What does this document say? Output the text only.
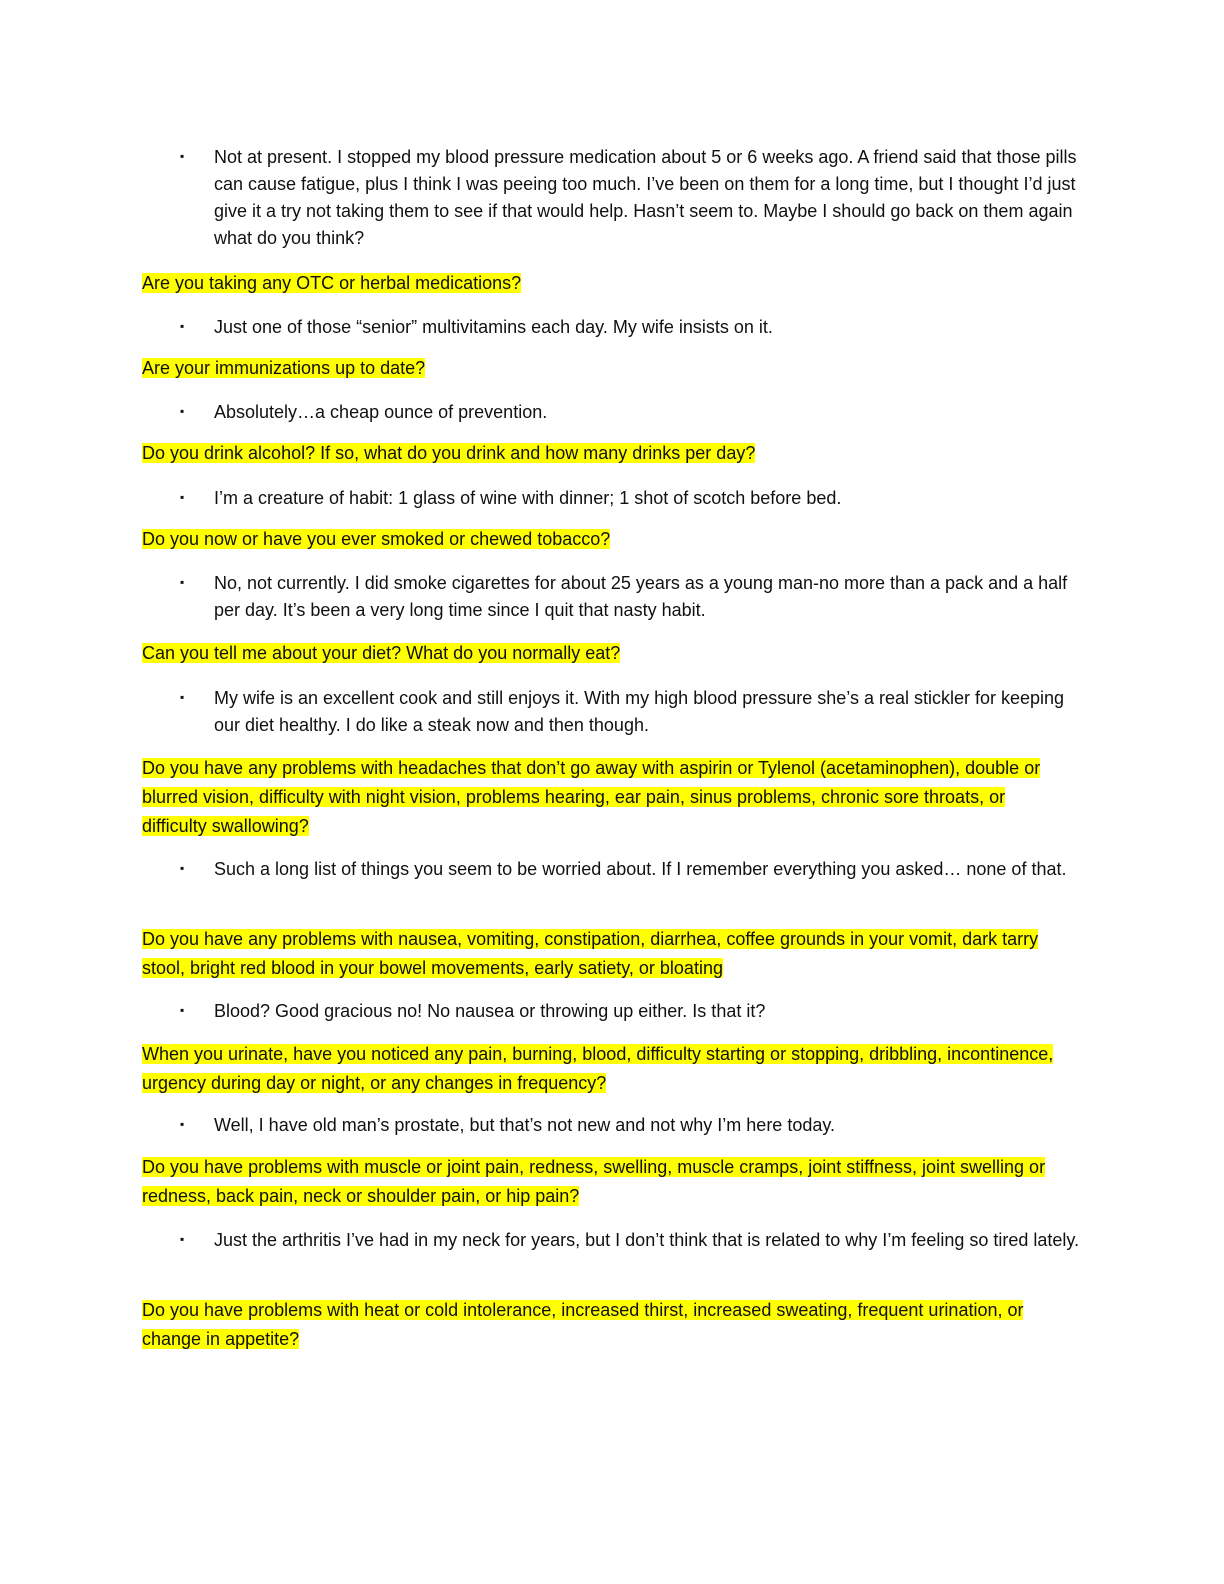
▪ Not at present. I stopped my blood pressure medication about 5 or 6 weeks ago. A friend said that those pills can cause fatigue, plus I think I was peeing too much. I’ve been on them for a long time, but I thought I’d just give it a try not taking them to see if that would help. Hasn’t seem to. Maybe I should go back on them again what do you think?

Are you taking any OTC or herbal medications?

▪ Just one of those “senior” multivitamins each day. My wife insists on it.

Are your immunizations up to date?

▪ Absolutely…a cheap ounce of prevention.

Do you drink alcohol? If so, what do you drink and how many drinks per day?

▪ I’m a creature of habit: 1 glass of wine with dinner; 1 shot of scotch before bed.

Do you now or have you ever smoked or chewed tobacco?

▪ No, not currently. I did smoke cigarettes for about 25 years as a young man-no more than a pack and a half per day. It’s been a very long time since I quit that nasty habit.

Can you tell me about your diet? What do you normally eat?

▪ My wife is an excellent cook and still enjoys it. With my high blood pressure she’s a real stickler for keeping our diet healthy. I do like a steak now and then though.

Do you have any problems with headaches that don’t go away with aspirin or Tylenol (acetaminophen), double or blurred vision, difficulty with night vision, problems hearing, ear pain, sinus problems, chronic sore throats, or difficulty swallowing?

▪ Such a long list of things you seem to be worried about. If I remember everything you asked… none of that.

Do you have any problems with nausea, vomiting, constipation, diarrhea, coffee grounds in your vomit, dark tarry stool, bright red blood in your bowel movements, early satiety, or bloating

▪ Blood? Good gracious no! No nausea or throwing up either. Is that it?

When you urinate, have you noticed any pain, burning, blood, difficulty starting or stopping, dribbling, incontinence, urgency during day or night, or any changes in frequency?

▪ Well, I have old man’s prostate, but that’s not new and not why I’m here today.

Do you have problems with muscle or joint pain, redness, swelling, muscle cramps, joint stiffness, joint swelling or redness, back pain, neck or shoulder pain, or hip pain?

▪ Just the arthritis I’ve had in my neck for years, but I don’t think that is related to why I’m feeling so tired lately.

Do you have problems with heat or cold intolerance, increased thirst, increased sweating, frequent urination, or change in appetite?
